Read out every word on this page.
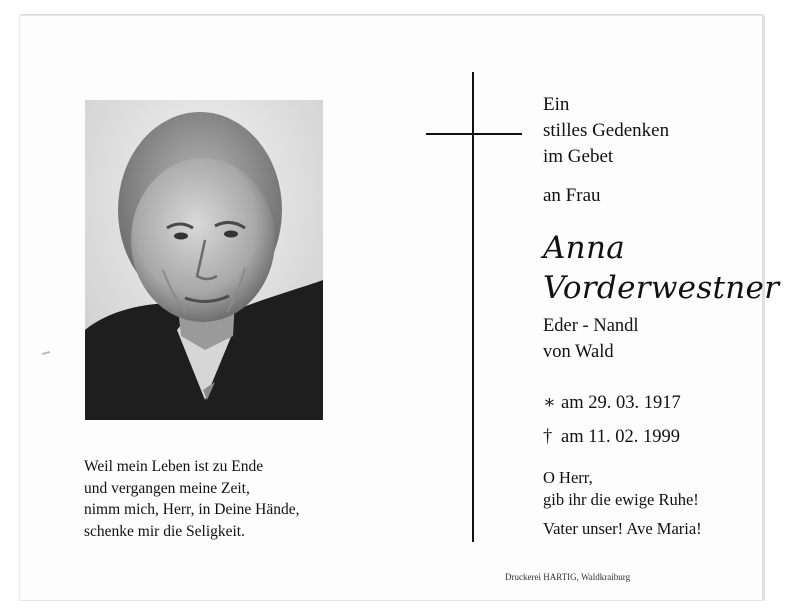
Weil mein Leben ist zu Ende
und vergangen meine Zeit,
nimm mich, Herr, in Deine Hände,
schenke mir die Seligkeit.
Ein
stilles Gedenken
im Gebet
an Frau
Anna
Vorderwestner
Eder - Nandl
von Wald
∗ am 29. 03. 1917
† am 11. 02. 1999
O Herr,
gib ihr die ewige Ruhe!
Vater unser! Ave Maria!
Druckerei HARTIG, Waldkraiburg
